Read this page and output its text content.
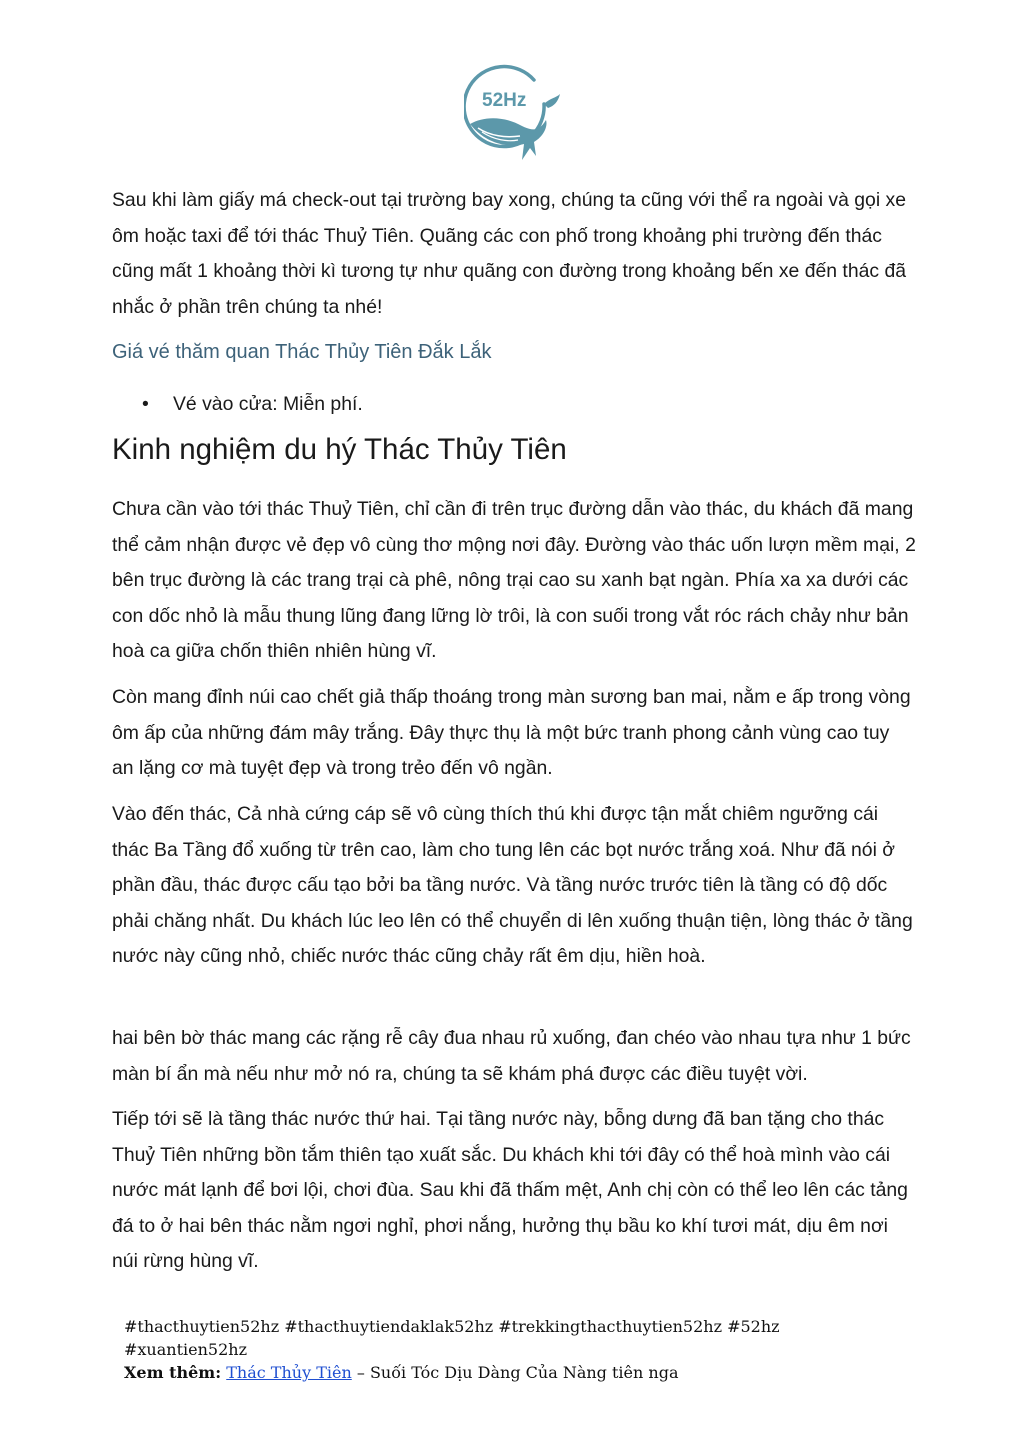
52Hz

Sau khi làm giấy má check-out tại trường bay xong, chúng ta cũng với thể ra ngoài và gọi xe ôm hoặc taxi để tới thác Thuỷ Tiên. Quãng các con phố trong khoảng phi trường đến thác cũng mất 1 khoảng thời kì tương tự như quãng con đường trong khoảng bến xe đến thác đã nhắc ở phần trên chúng ta nhé!

Giá vé thăm quan Thác Thủy Tiên Đắk Lắk

• Vé vào cửa: Miễn phí.
Kinh nghiệm du hý Thác Thủy Tiên

Chưa cần vào tới thác Thuỷ Tiên, chỉ cần đi trên trục đường dẫn vào thác, du khách đã mang thể cảm nhận được vẻ đẹp vô cùng thơ mộng nơi đây. Đường vào thác uốn lượn mềm mại, 2 bên trục đường là các trang trại cà phê, nông trại cao su xanh bạt ngàn. Phía xa xa dưới các con dốc nhỏ là mẫu thung lũng đang lững lờ trôi, là con suối trong vắt róc rách chảy như bản hoà ca giữa chốn thiên nhiên hùng vĩ.

Còn mang đỉnh núi cao chết giả thấp thoáng trong màn sương ban mai, nằm e ấp trong vòng ôm ấp của những đám mây trắng. Đây thực thụ là một bức tranh phong cảnh vùng cao tuy an lặng cơ mà tuyệt đẹp và trong trẻo đến vô ngần.

Vào đến thác, Cả nhà cứng cáp sẽ vô cùng thích thú khi được tận mắt chiêm ngưỡng cái thác Ba Tầng đổ xuống từ trên cao, làm cho tung lên các bọt nước trắng xoá. Như đã nói ở phần đầu, thác được cấu tạo bởi ba tầng nước. Và tầng nước trước tiên là tầng có độ dốc phải chăng nhất. Du khách lúc leo lên có thể chuyển di lên xuống thuận tiện, lòng thác ở tầng nước này cũng nhỏ, chiếc nước thác cũng chảy rất êm dịu, hiền hoà.

hai bên bờ thác mang các rặng rễ cây đua nhau rủ xuống, đan chéo vào nhau tựa như 1 bức màn bí ẩn mà nếu như mở nó ra, chúng ta sẽ khám phá được các điều tuyệt vời.

Tiếp tới sẽ là tầng thác nước thứ hai. Tại tầng nước này, bỗng dưng đã ban tặng cho thác Thuỷ Tiên những bồn tắm thiên tạo xuất sắc. Du khách khi tới đây có thể hoà mình vào cái nước mát lạnh để bơi lội, chơi đùa. Sau khi đã thấm mệt, Anh chị còn có thể leo lên các tảng đá to ở hai bên thác nằm ngơi nghỉ, phơi nắng, hưởng thụ bầu ko khí tươi mát, dịu êm nơi núi rừng hùng vĩ.

#thacthuytien52hz #thacthuytiendaklak52hz #trekkingthacthuytien52hz #52hz #xuantien52hz
Xem thêm: Thác Thủy Tiên – Suối Tóc Dịu Dàng Của Nàng tiên nga
